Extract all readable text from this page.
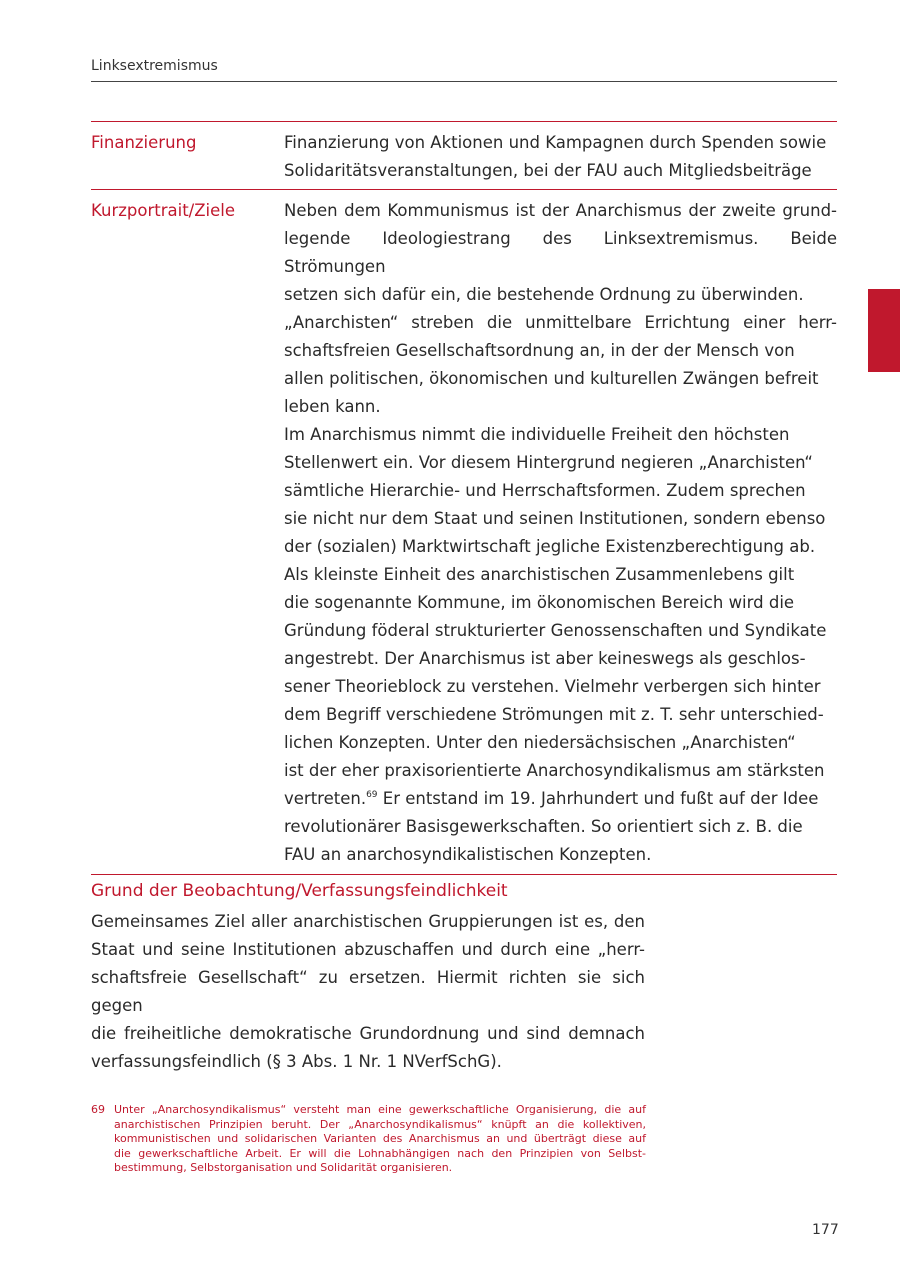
Linksextremismus
Finanzierung	Finanzierung von Aktionen und Kampagnen durch Spenden sowie
Solidaritätsveranstaltungen, bei der FAU auch Mitgliedsbeiträge
Kurzportrait/Ziele	Neben dem Kommunismus ist der Anarchismus der zweite grund-
legende Ideologiestrang des Linksextremismus. Beide Strömungen
setzen sich dafür ein, die bestehende Ordnung zu überwinden.
„Anarchisten“ streben die unmittelbare Errichtung einer herr-
schaftsfreien Gesellschaftsordnung an, in der der Mensch von
allen politischen, ökonomischen und kulturellen Zwängen befreit
leben kann.
Im Anarchismus nimmt die individuelle Freiheit den höchsten
Stellenwert ein. Vor diesem Hintergrund negieren „Anarchisten“
sämtliche Hierarchie- und Herrschaftsformen. Zudem sprechen
sie nicht nur dem Staat und seinen Institutionen, sondern ebenso
der (sozialen) Marktwirtschaft jegliche Existenzberechtigung ab.
Als kleinste Einheit des anarchistischen Zusammenlebens gilt
die sogenannte Kommune, im ökonomischen Bereich wird die
Gründung föderal strukturierter Genossenschaften und Syndikate
angestrebt. Der Anarchismus ist aber keineswegs als geschlos-
sener Theorieblock zu verstehen. Vielmehr verbergen sich hinter
dem Begriff verschiedene Strömungen mit z. T. sehr unterschied-
lichen Konzepten. Unter den niedersächsischen „Anarchisten“
ist der eher praxisorientierte Anarchosyndikalismus am stärksten
vertreten.$^{69}$ Er entstand im 19. Jahrhundert und fußt auf der Idee
revolutionärer Basisgewerkschaften. So orientiert sich z. B. die
FAU an anarchosyndikalistischen Konzepten.
Grund der Beobachtung/Verfassungsfeindlichkeit
Gemeinsames Ziel aller anarchistischen Gruppierungen ist es, den
Staat und seine Institutionen abzuschaffen und durch eine „herr-
schaftsfreie Gesellschaft“ zu ersetzen. Hiermit richten sie sich gegen
die freiheitliche demokratische Grundordnung und sind demnach
verfassungsfeindlich (§ 3 Abs. 1 Nr. 1 NVerfSchG).
69 Unter „Anarchosyndikalismus“ versteht man eine gewerkschaftliche Organisierung, die auf
anarchistischen Prinzipien beruht. Der „Anarchosyndikalismus“ knüpft an die kollektiven,
kommunistischen und solidarischen Varianten des Anarchismus an und überträgt diese auf
die gewerkschaftliche Arbeit. Er will die Lohnabhängigen nach den Prinzipien von Selbst-
bestimmung, Selbstorganisation und Solidarität organisieren.
177
